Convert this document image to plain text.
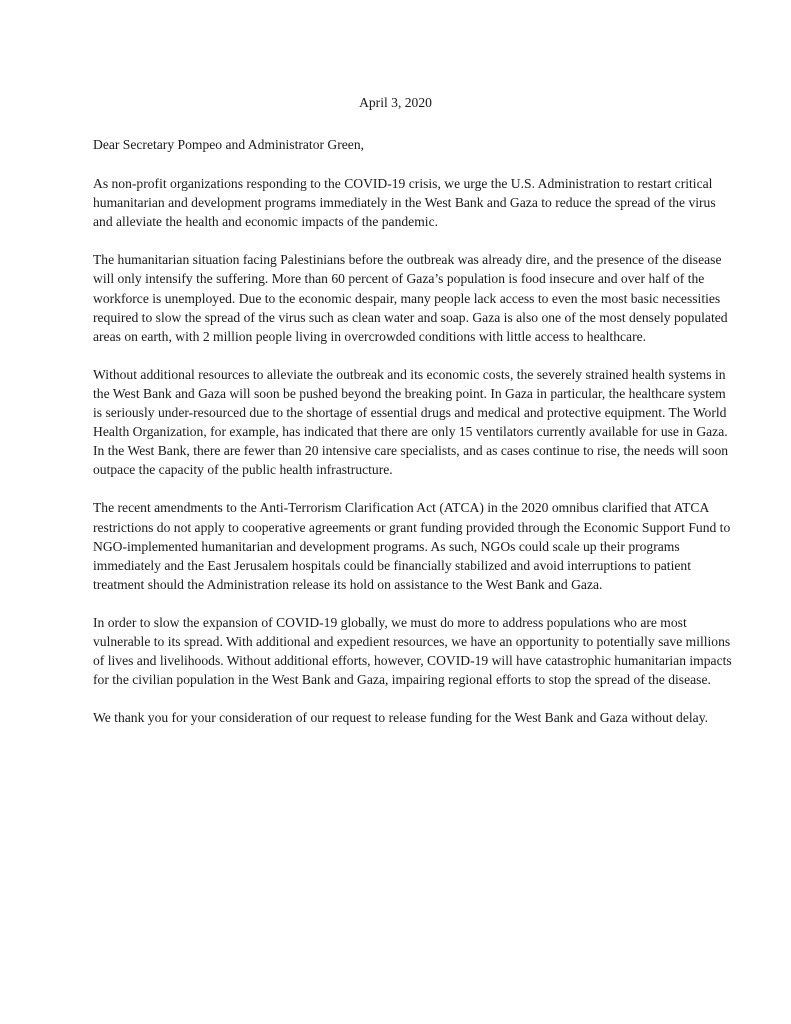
April 3, 2020

Dear Secretary Pompeo and Administrator Green,

As non-profit organizations responding to the COVID-19 crisis, we urge the U.S. Administration to restart critical humanitarian and development programs immediately in the West Bank and Gaza to reduce the spread of the virus and alleviate the health and economic impacts of the pandemic.

The humanitarian situation facing Palestinians before the outbreak was already dire, and the presence of the disease will only intensify the suffering. More than 60 percent of Gaza’s population is food insecure and over half of the workforce is unemployed. Due to the economic despair, many people lack access to even the most basic necessities required to slow the spread of the virus such as clean water and soap. Gaza is also one of the most densely populated areas on earth, with 2 million people living in overcrowded conditions with little access to healthcare.

Without additional resources to alleviate the outbreak and its economic costs, the severely strained health systems in the West Bank and Gaza will soon be pushed beyond the breaking point. In Gaza in particular, the healthcare system is seriously under-resourced due to the shortage of essential drugs and medical and protective equipment. The World Health Organization, for example, has indicated that there are only 15 ventilators currently available for use in Gaza. In the West Bank, there are fewer than 20 intensive care specialists, and as cases continue to rise, the needs will soon outpace the capacity of the public health infrastructure.

The recent amendments to the Anti-Terrorism Clarification Act (ATCA) in the 2020 omnibus clarified that ATCA restrictions do not apply to cooperative agreements or grant funding provided through the Economic Support Fund to NGO-implemented humanitarian and development programs. As such, NGOs could scale up their programs immediately and the East Jerusalem hospitals could be financially stabilized and avoid interruptions to patient treatment should the Administration release its hold on assistance to the West Bank and Gaza.

In order to slow the expansion of COVID-19 globally, we must do more to address populations who are most vulnerable to its spread. With additional and expedient resources, we have an opportunity to potentially save millions of lives and livelihoods. Without additional efforts, however, COVID-19 will have catastrophic humanitarian impacts for the civilian population in the West Bank and Gaza, impairing regional efforts to stop the spread of the disease.

We thank you for your consideration of our request to release funding for the West Bank and Gaza without delay.
